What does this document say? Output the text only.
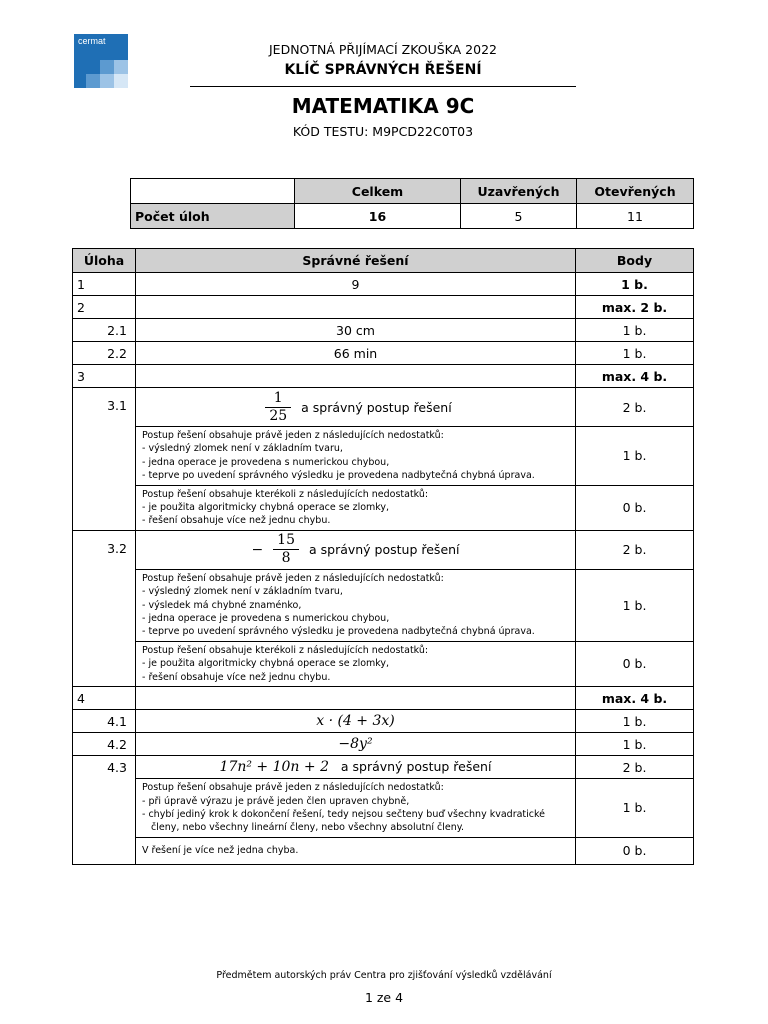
cermat
JEDNOTNÁ PŘIJÍMACÍ ZKOUŠKA 2022
KLÍČ SPRÁVNÝCH ŘEŠENÍ
MATEMATIKA 9C
KÓD TESTU: M9PCD22C0T03
	Celkem	Uzavřených	Otevřených
Počet úloh	16	5	11
Úloha	Správné řešení	Body
1	9	1 b.
2		max. 2 b.
2.1	30 cm	1 b.
2.2	66 min	1 b.
3		max. 4 b.
3.1	$\frac{1}{25}$ a správný postup řešení	2 b.

	Postup řešení obsahuje právě jeden z následujících nedostatků:
- výsledný zlomek není v základním tvaru,
- jedna operace je provedena s numerickou chybou,
- teprve po uvedení správného výsledku je provedena nadbytečná chybná úprava.	1 b.

	Postup řešení obsahuje kterékoli z následujících nedostatků:
- je použita algoritmicky chybná operace se zlomky,
- řešení obsahuje více než jednu chybu.	0 b.
3.2	− $\frac{15}{8}$ a správný postup řešení	2 b.

	Postup řešení obsahuje právě jeden z následujících nedostatků:
- výsledný zlomek není v základním tvaru,
- výsledek má chybné znaménko,
- jedna operace je provedena s numerickou chybou,
- teprve po uvedení správného výsledku je provedena nadbytečná chybná úprava.	1 b.

	Postup řešení obsahuje kterékoli z následujících nedostatků:
- je použita algoritmicky chybná operace se zlomky,
- řešení obsahuje více než jednu chybu.	0 b.
4		max. 4 b.
4.1	x · (4 + 3x)	1 b.
4.2	−8y²	1 b.
4.3	17n² + 10n + 2 a správný postup řešení	2 b.

	Postup řešení obsahuje právě jeden z následujících nedostatků:
- při úpravě výrazu je právě jeden člen upraven chybně,
- chybí jediný krok k dokončení řešení, tedy nejsou sečteny buď všechny kvadratické
členy, nebo všechny lineární členy, nebo všechny absolutní členy.	1 b.
	V řešení je více než jedna chyba.	0 b.
Předmětem autorských práv Centra pro zjišťování výsledků vzdělávání
1 ze 4
